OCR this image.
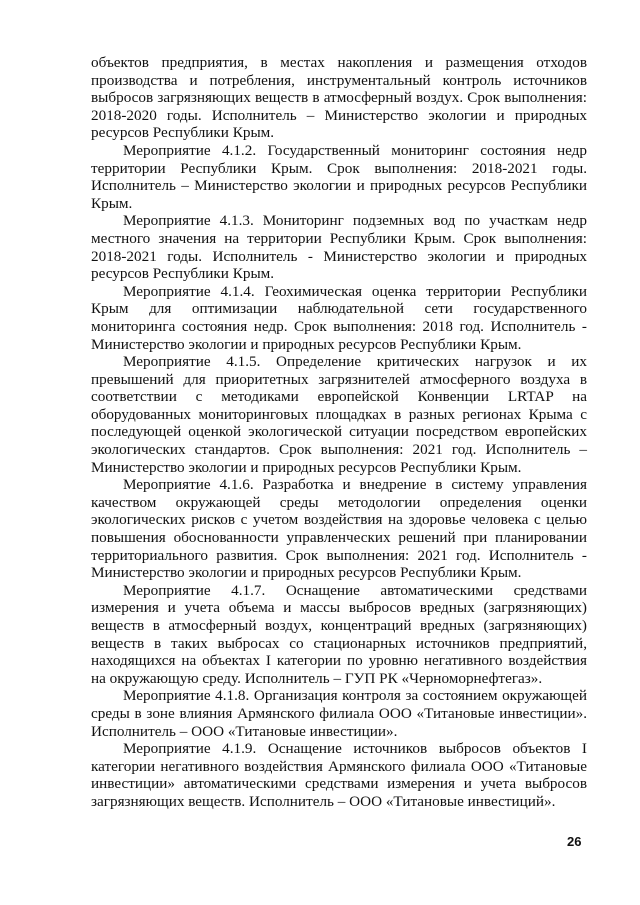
объектов предприятия, в местах накопления и размещения отходов производства и потребления, инструментальный контроль источников выбросов загрязняющих веществ в атмосферный воздух. Срок выполнения: 2018-2020 годы. Исполнитель – Министерство экологии и природных ресурсов Республики Крым.

Мероприятие 4.1.2. Государственный мониторинг состояния недр территории Республики Крым. Срок выполнения: 2018-2021 годы. Исполнитель – Министерство экологии и природных ресурсов Республики Крым.

Мероприятие 4.1.3. Мониторинг подземных вод по участкам недр местного значения на территории Республики Крым. Срок выполнения: 2018-2021 годы. Исполнитель - Министерство экологии и природных ресурсов Республики Крым.

Мероприятие 4.1.4. Геохимическая оценка территории Республики Крым для оптимизации наблюдательной сети государственного мониторинга состояния недр. Срок выполнения: 2018 год. Исполнитель - Министерство экологии и природных ресурсов Республики Крым.

Мероприятие 4.1.5. Определение критических нагрузок и их превышений для приоритетных загрязнителей атмосферного воздуха в соответствии с методиками европейской Конвенции LRTAP на оборудованных мониторинговых площадках в разных регионах Крыма с последующей оценкой экологической ситуации посредством европейских экологических стандартов. Срок выполнения: 2021 год. Исполнитель – Министерство экологии и природных ресурсов Республики Крым.

Мероприятие 4.1.6. Разработка и внедрение в систему управления качеством окружающей среды методологии определения оценки экологических рисков с учетом воздействия на здоровье человека с целью повышения обоснованности управленческих решений при планировании территориального развития. Срок выполнения: 2021 год. Исполнитель - Министерство экологии и природных ресурсов Республики Крым.

Мероприятие 4.1.7. Оснащение автоматическими средствами измерения и учета объема и массы выбросов вредных (загрязняющих) веществ в атмосферный воздух, концентраций вредных (загрязняющих) веществ в таких выбросах со стационарных источников предприятий, находящихся на объектах I категории по уровню негативного воздействия на окружающую среду. Исполнитель – ГУП РК «Черноморнефтегаз».

Мероприятие 4.1.8. Организация контроля за состоянием окружающей среды в зоне влияния Армянского филиала ООО «Титановые инвестиции». Исполнитель – ООО «Титановые инвестиции».

Мероприятие 4.1.9. Оснащение источников выбросов объектов I категории негативного воздействия Армянского филиала ООО «Титановые инвестиции» автоматическими средствами измерения и учета выбросов загрязняющих веществ. Исполнитель – ООО «Титановые инвестиций».

26
